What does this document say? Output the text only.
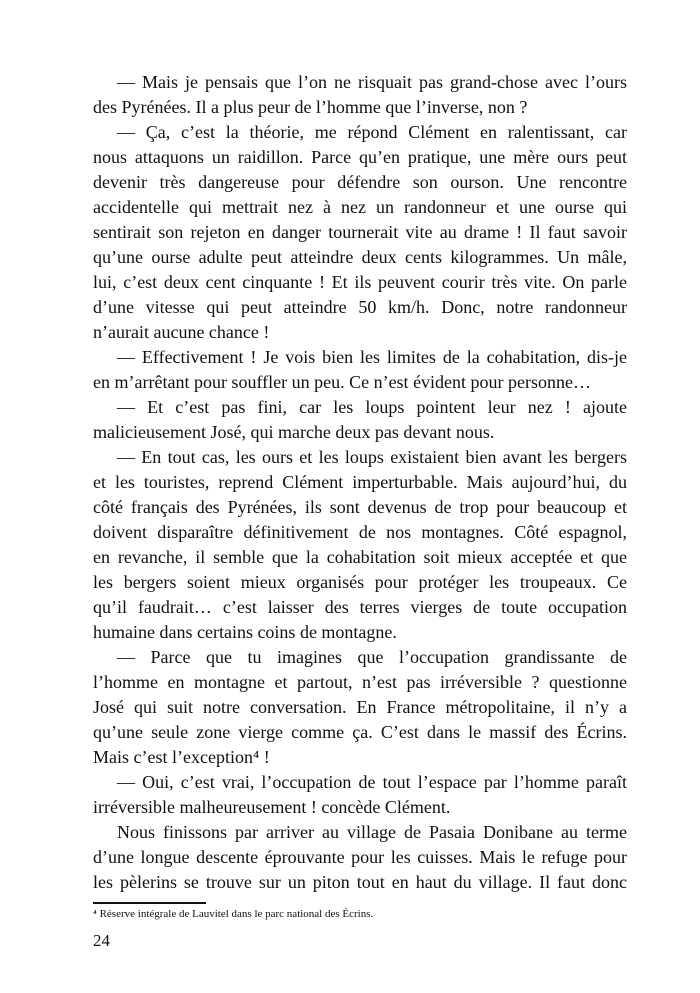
— Mais je pensais que l’on ne risquait pas grand-chose avec l’ours
des Pyrénées. Il a plus peur de l’homme que l’inverse, non ?
— Ça, c’est la théorie, me répond Clément en ralentissant, car
nous attaquons un raidillon. Parce qu’en pratique, une mère ours peut
devenir très dangereuse pour défendre son ourson. Une rencontre
accidentelle qui mettrait nez à nez un randonneur et une ourse qui
sentirait son rejeton en danger tournerait vite au drame ! Il faut savoir
qu’une ourse adulte peut atteindre deux cents kilogrammes. Un mâle,
lui, c’est deux cent cinquante ! Et ils peuvent courir très vite. On parle
d’une vitesse qui peut atteindre 50 km/h. Donc, notre randonneur
n’aurait aucune chance !
— Effectivement ! Je vois bien les limites de la cohabitation, dis-je
en m’arrêtant pour souffler un peu. Ce n’est évident pour personne…
— Et c’est pas fini, car les loups pointent leur nez ! ajoute
malicieusement José, qui marche deux pas devant nous.
— En tout cas, les ours et les loups existaient bien avant les bergers
et les touristes, reprend Clément imperturbable. Mais aujourd’hui, du
côté français des Pyrénées, ils sont devenus de trop pour beaucoup et
doivent disparaître définitivement de nos montagnes. Côté espagnol,
en revanche, il semble que la cohabitation soit mieux acceptée et que
les bergers soient mieux organisés pour protéger les troupeaux. Ce
qu’il faudrait… c’est laisser des terres vierges de toute occupation
humaine dans certains coins de montagne.
— Parce que tu imagines que l’occupation grandissante de
l’homme en montagne et partout, n’est pas irréversible ? questionne
José qui suit notre conversation. En France métropolitaine, il n’y a
qu’une seule zone vierge comme ça. C’est dans le massif des Écrins.
Mais c’est l’exception⁴ !
— Oui, c’est vrai, l’occupation de tout l’espace par l’homme paraît
irréversible malheureusement ! concède Clément.
Nous finissons par arriver au village de Pasaia Donibane au terme
d’une longue descente éprouvante pour les cuisses. Mais le refuge pour
les pèlerins se trouve sur un piton tout en haut du village. Il faut donc
⁴ Réserve intégrale de Lauvitel dans le parc national des Écrins.
24
